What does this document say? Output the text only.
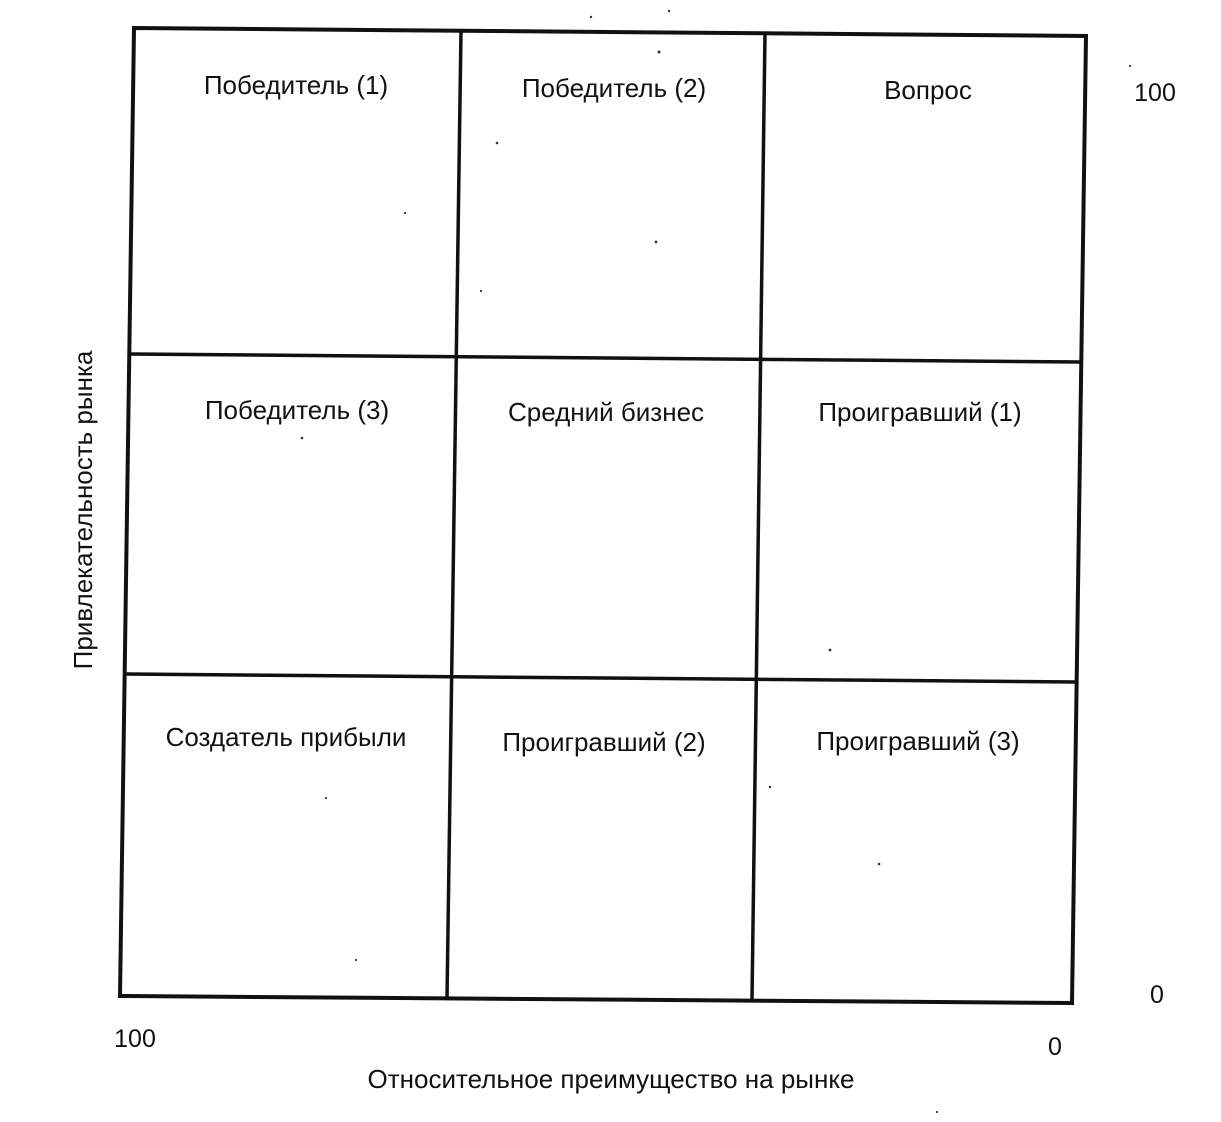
Победитель (1)	Победитель (2)	Вопрос
Победитель (3)	Средний бизнес	Проигравший (1)
Создатель прибыли	Проигравший (2)	Проигравший (3)
Привлекательность рынка
100
0
100	0
Относительное преимущество на рынке
